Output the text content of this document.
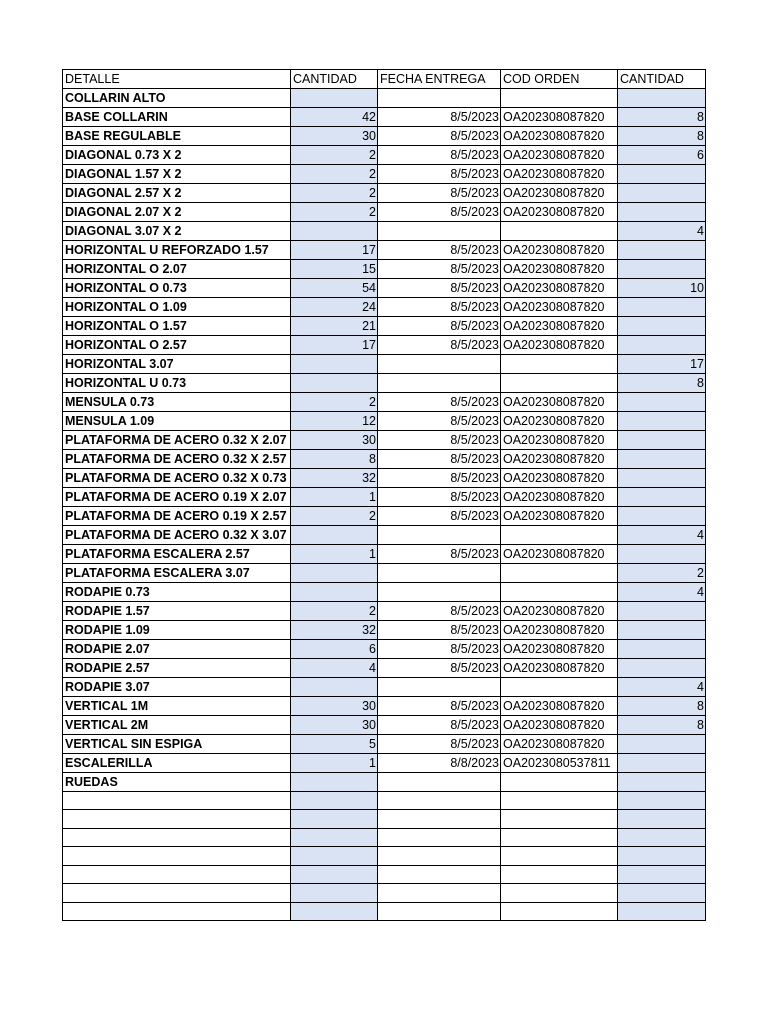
DETALLE	CANTIDAD	FECHA ENTREGA	COD ORDEN	CANTIDAD
COLLARIN ALTO				
BASE COLLARIN	42	8/5/2023	OA202308087820	8
BASE REGULABLE	30	8/5/2023	OA202308087820	8
DIAGONAL 0.73 X 2	2	8/5/2023	OA202308087820	6
DIAGONAL 1.57 X 2	2	8/5/2023	OA202308087820	
DIAGONAL 2.57 X 2	2	8/5/2023	OA202308087820	
DIAGONAL 2.07 X 2	2	8/5/2023	OA202308087820	
DIAGONAL 3.07 X 2				4
HORIZONTAL U REFORZADO 1.57	17	8/5/2023	OA202308087820	
HORIZONTAL O 2.07	15	8/5/2023	OA202308087820	
HORIZONTAL O 0.73	54	8/5/2023	OA202308087820	10
HORIZONTAL O 1.09	24	8/5/2023	OA202308087820	
HORIZONTAL O 1.57	21	8/5/2023	OA202308087820	
HORIZONTAL O 2.57	17	8/5/2023	OA202308087820	
HORIZONTAL 3.07				17
HORIZONTAL U 0.73				8
MENSULA 0.73	2	8/5/2023	OA202308087820	
MENSULA 1.09	12	8/5/2023	OA202308087820	
PLATAFORMA DE ACERO 0.32 X 2.07	30	8/5/2023	OA202308087820	
PLATAFORMA DE ACERO 0.32 X 2.57	8	8/5/2023	OA202308087820	
PLATAFORMA DE ACERO 0.32 X 0.73	32	8/5/2023	OA202308087820	
PLATAFORMA DE ACERO 0.19 X 2.07	1	8/5/2023	OA202308087820	
PLATAFORMA DE ACERO 0.19 X 2.57	2	8/5/2023	OA202308087820	
PLATAFORMA DE ACERO 0.32 X 3.07				4
PLATAFORMA ESCALERA 2.57	1	8/5/2023	OA202308087820	
PLATAFORMA ESCALERA 3.07				2
RODAPIE 0.73				4
RODAPIE 1.57	2	8/5/2023	OA202308087820	
RODAPIE 1.09	32	8/5/2023	OA202308087820	
RODAPIE 2.07	6	8/5/2023	OA202308087820	
RODAPIE 2.57	4	8/5/2023	OA202308087820	
RODAPIE 3.07				4
VERTICAL 1M	30	8/5/2023	OA202308087820	8
VERTICAL 2M	30	8/5/2023	OA202308087820	8
VERTICAL SIN ESPIGA	5	8/5/2023	OA202308087820	
ESCALERILLA	1	8/8/2023	OA2023080537811	
RUEDAS				
